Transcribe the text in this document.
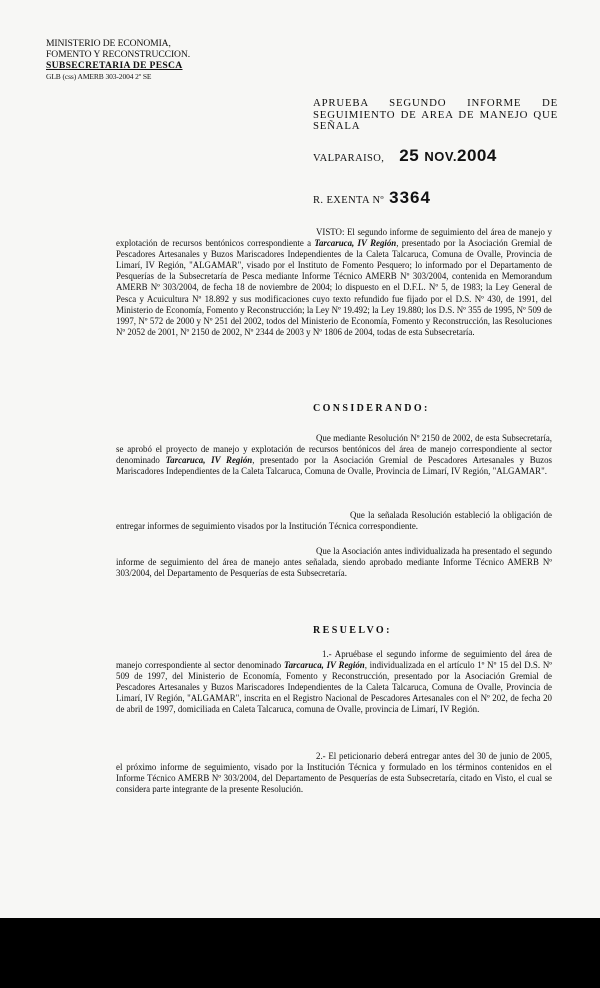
MINISTERIO DE ECONOMIA,
FOMENTO Y RECONSTRUCCION.
SUBSECRETARIA DE PESCA
GLB (css) AMERB 303-2004 2º SE
APRUEBA SEGUNDO INFORME DE SEGUIMIENTO DE AREA DE MANEJO QUE SEÑALA
VALPARAISO, 25 NOV.2004
R. EXENTA Nº 3364

VISTO: El segundo informe de seguimiento del área de manejo y explotación de recursos bentónicos correspondiente a Tarcaruca, IV Región, presentado por la Asociación Gremial de Pescadores Artesanales y Buzos Mariscadores Independientes de la Caleta Talcaruca, Comuna de Ovalle, Provincia de Limarí, IV Región, "ALGAMAR", visado por el Instituto de Fomento Pesquero; lo informado por el Departamento de Pesquerías de la Subsecretaría de Pesca mediante Informe Técnico AMERB Nº 303/2004, contenida en Memorandum AMERB Nº 303/2004, de fecha 18 de noviembre de 2004; lo dispuesto en el D.F.L. Nº 5, de 1983; la Ley General de Pesca y Acuicultura Nº 18.892 y sus modificaciones cuyo texto refundido fue fijado por el D.S. Nº 430, de 1991, del Ministerio de Economía, Fomento y Reconstrucción; la Ley Nº 19.492; la Ley 19.880; los D.S. Nº 355 de 1995, Nº 509 de 1997, Nº 572 de 2000 y Nº 251 del 2002, todos del Ministerio de Economía, Fomento y Reconstrucción, las Resoluciones Nº 2052 de 2001, Nº 2150 de 2002, Nº 2344 de 2003 y Nº 1806 de 2004, todas de esta Subsecretaría.

CONSIDERANDO:

Que mediante Resolución Nº 2150 de 2002, de esta Subsecretaría, se aprobó el proyecto de manejo y explotación de recursos bentónicos del área de manejo correspondiente al sector denominado Tarcaruca, IV Región, presentado por la Asociación Gremial de Pescadores Artesanales y Buzos Mariscadores Independientes de la Caleta Talcaruca, Comuna de Ovalle, Provincia de Limarí, IV Región, "ALGAMAR".

Que la señalada Resolución estableció la obligación de entregar informes de seguimiento visados por la Institución Técnica correspondiente.

Que la Asociación antes individualizada ha presentado el segundo informe de seguimiento del área de manejo antes señalada, siendo aprobado mediante Informe Técnico AMERB Nº 303/2004, del Departamento de Pesquerías de esta Subsecretaría.

RESUELVO:

1.- Apruébase el segundo informe de seguimiento del área de manejo correspondiente al sector denominado Tarcaruca, IV Región, individualizada en el artículo 1º Nº 15 del D.S. Nº 509 de 1997, del Ministerio de Economía, Fomento y Reconstrucción, presentado por la Asociación Gremial de Pescadores Artesanales y Buzos Mariscadores Independientes de la Caleta Talcaruca, Comuna de Ovalle, Provincia de Limarí, IV Región, "ALGAMAR", inscrita en el Registro Nacional de Pescadores Artesanales con el Nº 202, de fecha 20 de abril de 1997, domiciliada en Caleta Talcaruca, comuna de Ovalle, provincia de Limarí, IV Región.

2.- El peticionario deberá entregar antes del 30 de junio de 2005, el próximo informe de seguimiento, visado por la Institución Técnica y formulado en los términos contenidos en el Informe Técnico AMERB Nº 303/2004, del Departamento de Pesquerías de esta Subsecretaría, citado en Visto, el cual se considera parte integrante de la presente Resolución.
